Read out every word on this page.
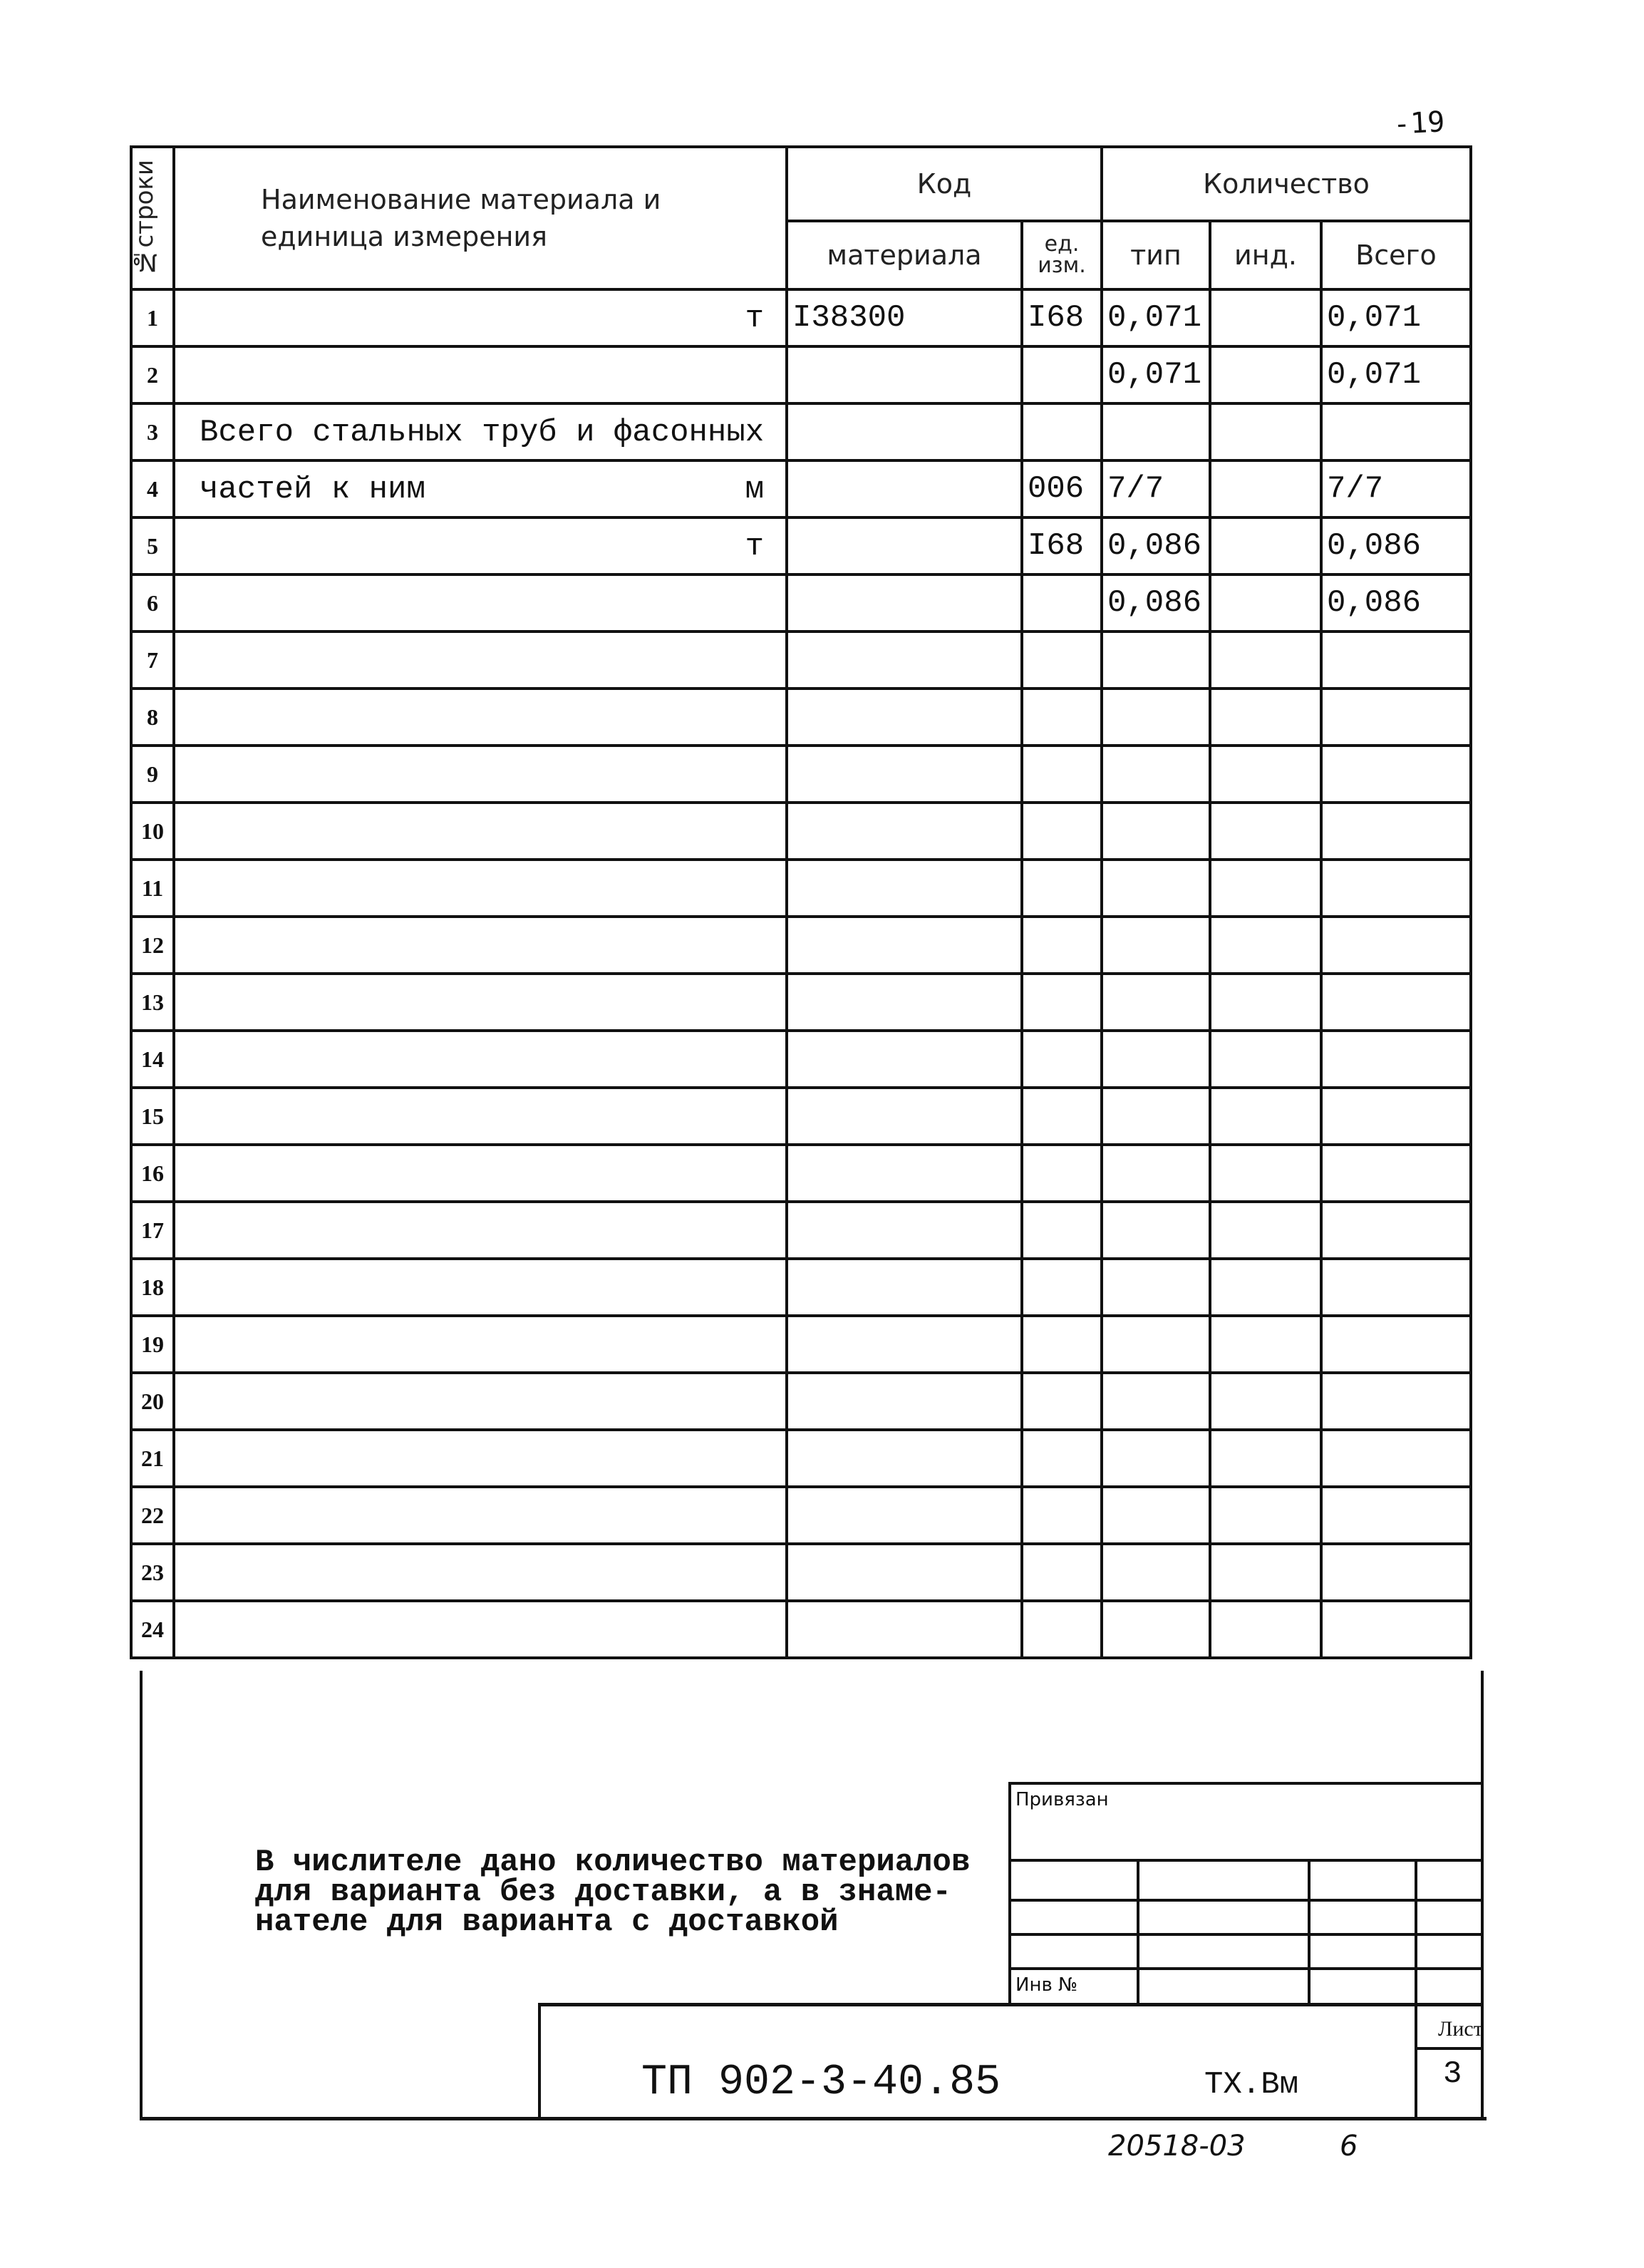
-19
№строки	Наименование материала и единица измерения	Код		Количество		
		материала	ед. изм.	тип	инд.	Всего
1	т	I38300	I68	0,071		0,071
2				0,071		0,071
3	Всего стальных труб и фасонных					

4	частей к ним м		006	7/7		7/7
5	т		I68	0,086		0,086
6				0,086		0,086
7	

8	

9	

10	

11	

12	

13	

14	

15	

16	

17	

18	

19	

20	

21	

22	

23	

24	

Привязан
Инв №
В числителе дано количество материалов
для варианта без доставки, а в знаме-
нателе для варианта с доставкой
ТП 902-3-40.85	ТХ.Вм
Лист
3
20518-03	6
